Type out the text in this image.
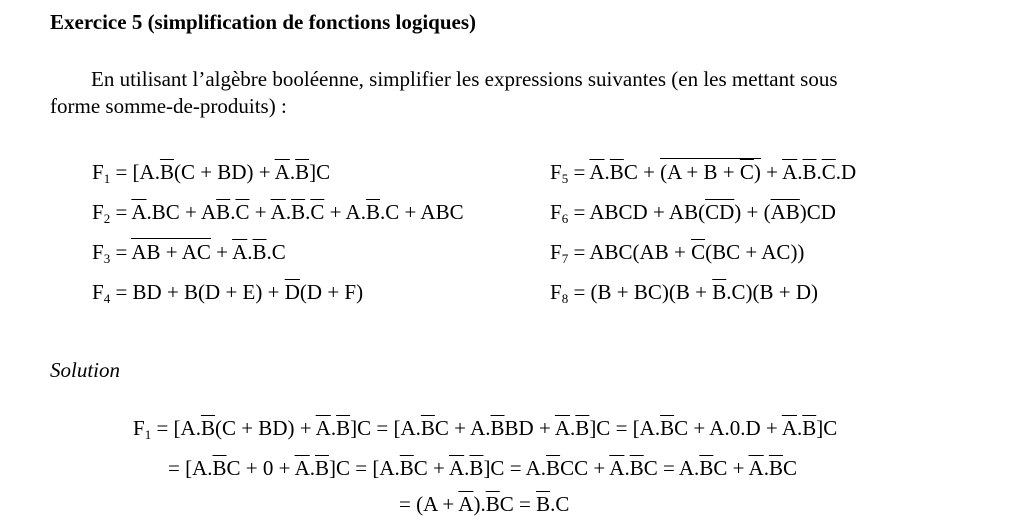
Exercice 5 (simplification de fonctions logiques)
En utilisant l’algèbre booléenne, simplifier les expressions suivantes (en les mettant sous
forme somme-de-produits) :
$F_1 = [A.\overline{B}(C + BD) + \overline{A}.\overline{B}]C$
$F_2 = \overline{A}.BC + A\overline{B}.\overline{C} + \overline{A}.\overline{B}.\overline{C} + A.\overline{B}.C$ + ABC
$F_3$ = AB + AC + $\overline{A}.\overline{B}.C$
$F_4$ = BD + $B(D + E) + \overline{D}(D + F)$
$F_5 = \overline{A}.\overline{B}C + (A + B + \overline{C}) + \overline{A}.\overline{B}.\overline{C}.D$
$F_6$ = ABCD + $AB(\overline{CD}) + (\overline{AB})CD$
$F_7 = ABC(AB + \overline{C}(BC + AC))$
$F_8 = (B + BC)(B + \overline{B}.C)(B + D)$
Solution
$F_1 = [A.\overline{B}(C + BD) + \overline{A}.\overline{B}]C = [A.\overline{B}C + A.\overline{B}BD + \overline{A}.\overline{B}]C = [A.\overline{B}C + A.0.D + \overline{A}.\overline{B}]C$
= $[A.\overline{B}C + 0 + \overline{A}.\overline{B}]C = [A.\overline{B}C + \overline{A}.\overline{B}]C = A.\overline{B}CC + \overline{A}.\overline{B}C = A.\overline{B}C + \overline{A}.\overline{B}C$
= $(A + \overline{A}).\overline{B}C = \overline{B}.C$
